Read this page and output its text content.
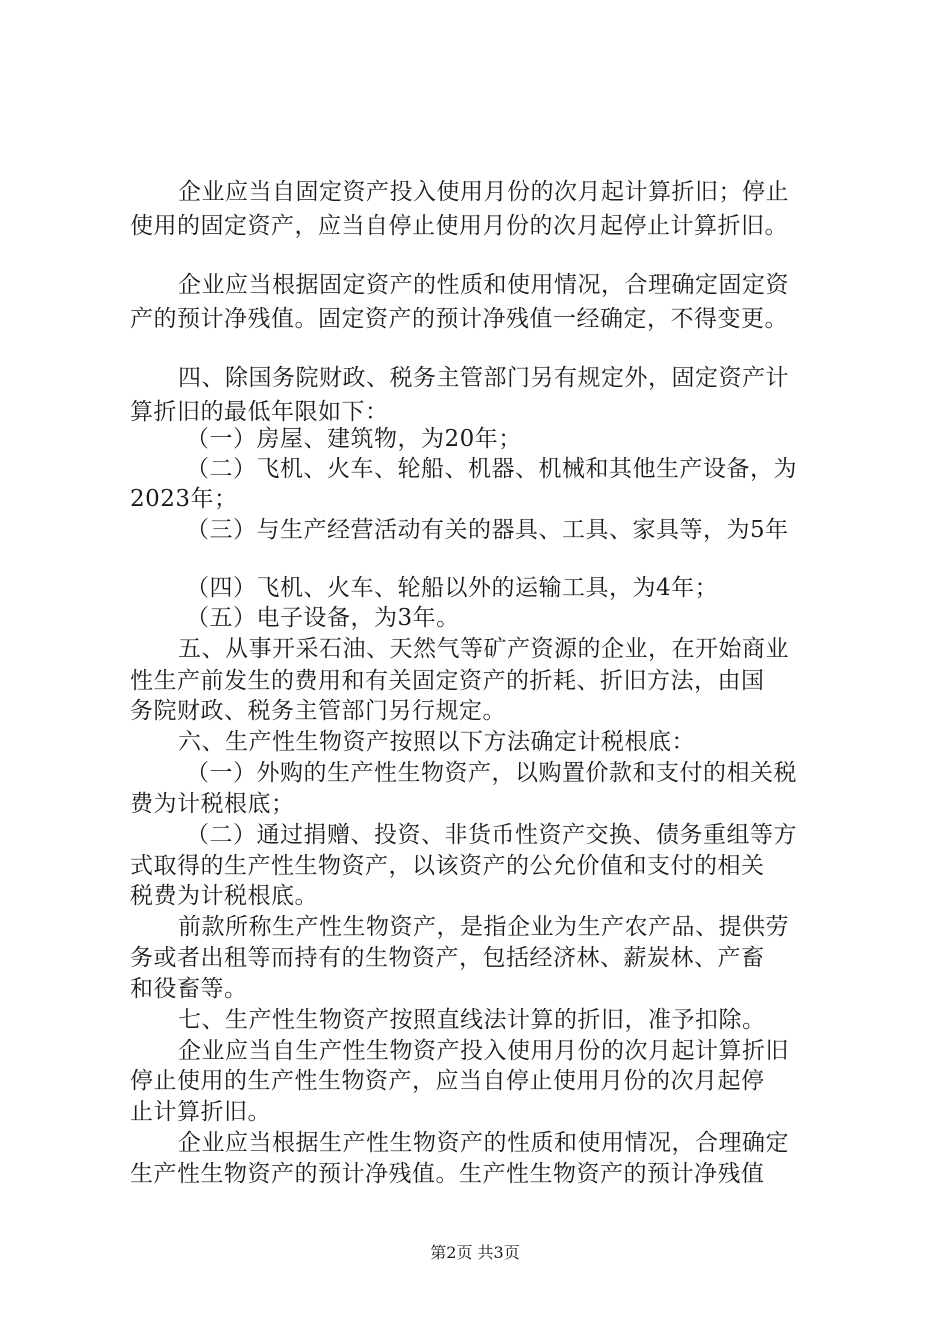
企业应当自固定资产投入使用月份的次月起计算折旧；停止
使用的固定资产，应当自停止使用月份的次月起停止计算折旧。
企业应当根据固定资产的性质和使用情况，合理确定固定资
产的预计净残值。固定资产的预计净残值一经确定，不得变更。
四、除国务院财政、税务主管部门另有规定外，固定资产计
算折旧的最低年限如下：
（一）房屋、建筑物，为20年；
（二）飞机、火车、轮船、机器、机械和其他生产设备，为
2023年；
（三）与生产经营活动有关的器具、工具、家具等，为5年
（四）飞机、火车、轮船以外的运输工具，为4年；
（五）电子设备，为3年。
五、从事开采石油、天然气等矿产资源的企业，在开始商业
性生产前发生的费用和有关固定资产的折耗、折旧方法，由国
务院财政、税务主管部门另行规定。
六、生产性生物资产按照以下方法确定计税根底：
（一）外购的生产性生物资产，以购置价款和支付的相关税
费为计税根底；
（二）通过捐赠、投资、非货币性资产交换、债务重组等方
式取得的生产性生物资产，以该资产的公允价值和支付的相关
税费为计税根底。
前款所称生产性生物资产，是指企业为生产农产品、提供劳
务或者出租等而持有的生物资产，包括经济林、薪炭林、产畜
和役畜等。
七、生产性生物资产按照直线法计算的折旧，准予扣除。
企业应当自生产性生物资产投入使用月份的次月起计算折旧
停止使用的生产性生物资产，应当自停止使用月份的次月起停
止计算折旧。
企业应当根据生产性生物资产的性质和使用情况，合理确定
生产性生物资产的预计净残值。生产性生物资产的预计净残值
第2页 共3页
